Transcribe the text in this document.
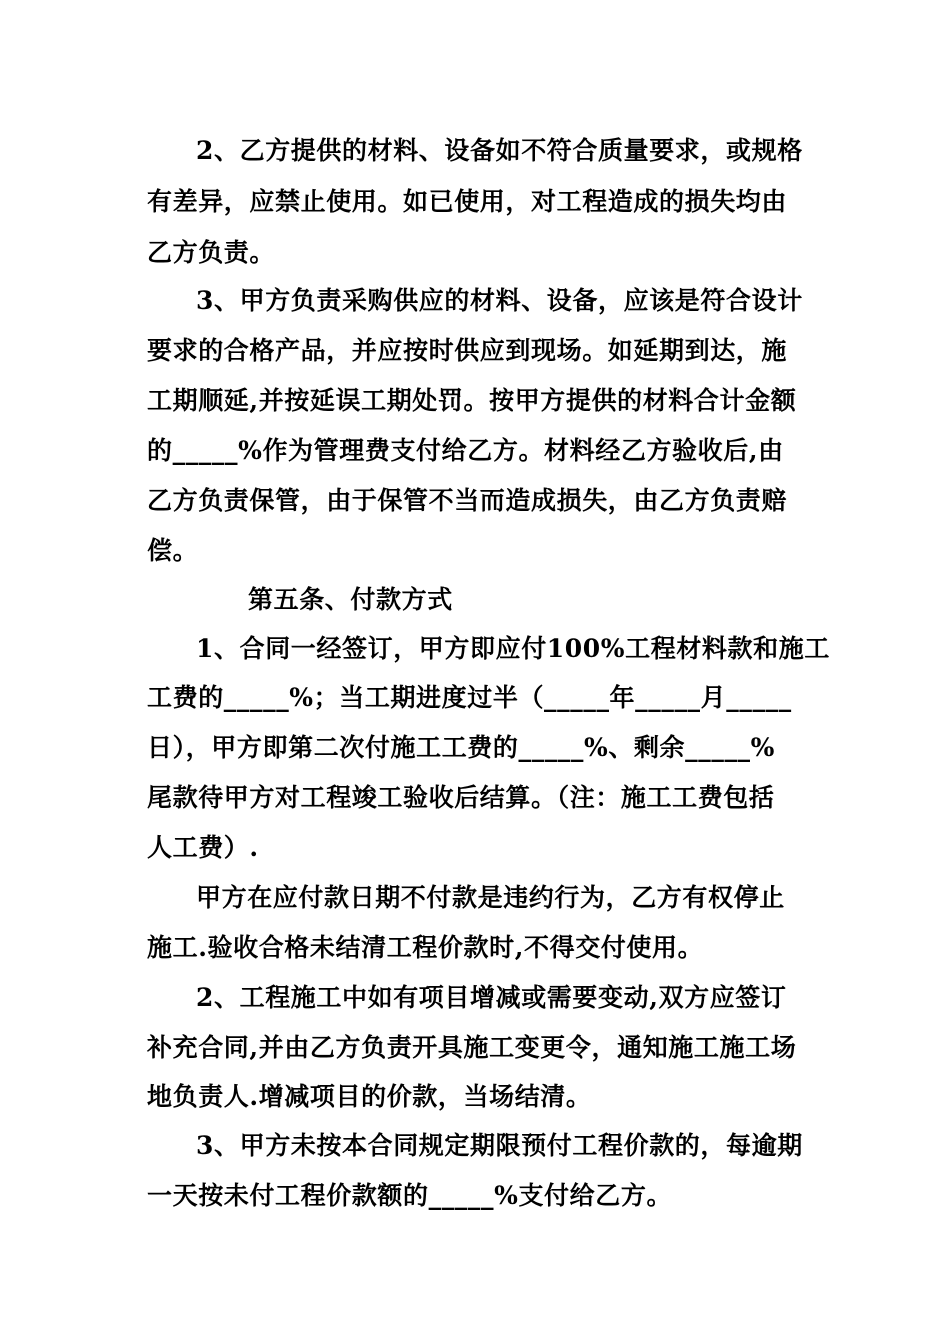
2、乙方提供的材料、设备如不符合质量要求，或规格
有差异，应禁止使用。如已使用，对工程造成的损失均由
乙方负责。
3、甲方负责采购供应的材料、设备，应该是符合设计
要求的合格产品，并应按时供应到现场。如延期到达，施
工期顺延,并按延误工期处罚。按甲方提供的材料合计金额
的_____%作为管理费支付给乙方。材料经乙方验收后,由
乙方负责保管，由于保管不当而造成损失，由乙方负责赔
偿。
第五条、付款方式
1、合同一经签订，甲方即应付100%工程材料款和施工
工费的_____%；当工期进度过半（_____年_____月_____
日），甲方即第二次付施工工费的_____%、剩余_____%
尾款待甲方对工程竣工验收后结算。（注：施工工费包括
人工费）.
甲方在应付款日期不付款是违约行为，乙方有权停止
施工.验收合格未结清工程价款时,不得交付使用。
2、工程施工中如有项目增减或需要变动,双方应签订
补充合同,并由乙方负责开具施工变更令，通知施工施工场
地负责人.增减项目的价款，当场结清。
3、甲方未按本合同规定期限预付工程价款的，每逾期
一天按未付工程价款额的_____%支付给乙方。
